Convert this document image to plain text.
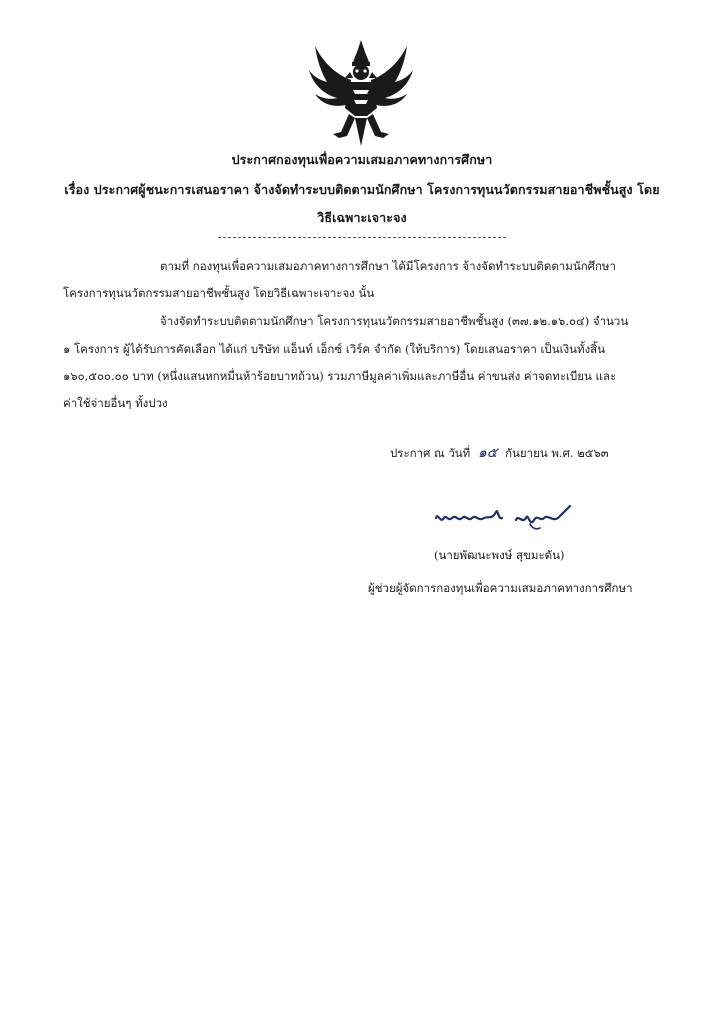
ประกาศกองทุนเพื่อความเสมอภาคทางการศึกษา
เรื่อง ประกาศผู้ชนะการเสนอราคา จ้างจัดทำระบบติดตามนักศึกษา โครงการทุนนวัตกรรมสายอาชีพชั้นสูง โดย
วิธีเฉพาะเจาะจง
ตามที่ กองทุนเพื่อความเสมอภาคทางการศึกษา ได้มีโครงการ จ้างจัดทำระบบติดตามนักศึกษา
โครงการทุนนวัตกรรมสายอาชีพชั้นสูง โดยวิธีเฉพาะเจาะจง นั้น
จ้างจัดทำระบบติดตามนักศึกษา โครงการทุนนวัตกรรมสายอาชีพชั้นสูง (๓๗.๑๒.๑๖.๐๔) จำนวน
๑ โครงการ ผู้ได้รับการคัดเลือก ได้แก่ บริษัท แอ็นท์ เอ็กซ์ เวิร์ค จำกัด (ให้บริการ) โดยเสนอราคา เป็นเงินทั้งสิ้น
๑๖๐,๕๐๐.๐๐ บาท (หนึ่งแสนหกหมื่นห้าร้อยบาทถ้วน) รวมภาษีมูลค่าเพิ่มและภาษีอื่น ค่าขนส่ง ค่าจดทะเบียน และ
ค่าใช้จ่ายอื่นๆ ทั้งปวง
ประกาศ ณ วันที่ ๑๕ กันยายน พ.ศ. ๒๕๖๓
(นายพัฒนะพงษ์ สุขมะดัน)
ผู้ช่วยผู้จัดการกองทุนเพื่อความเสมอภาคทางการศึกษา
